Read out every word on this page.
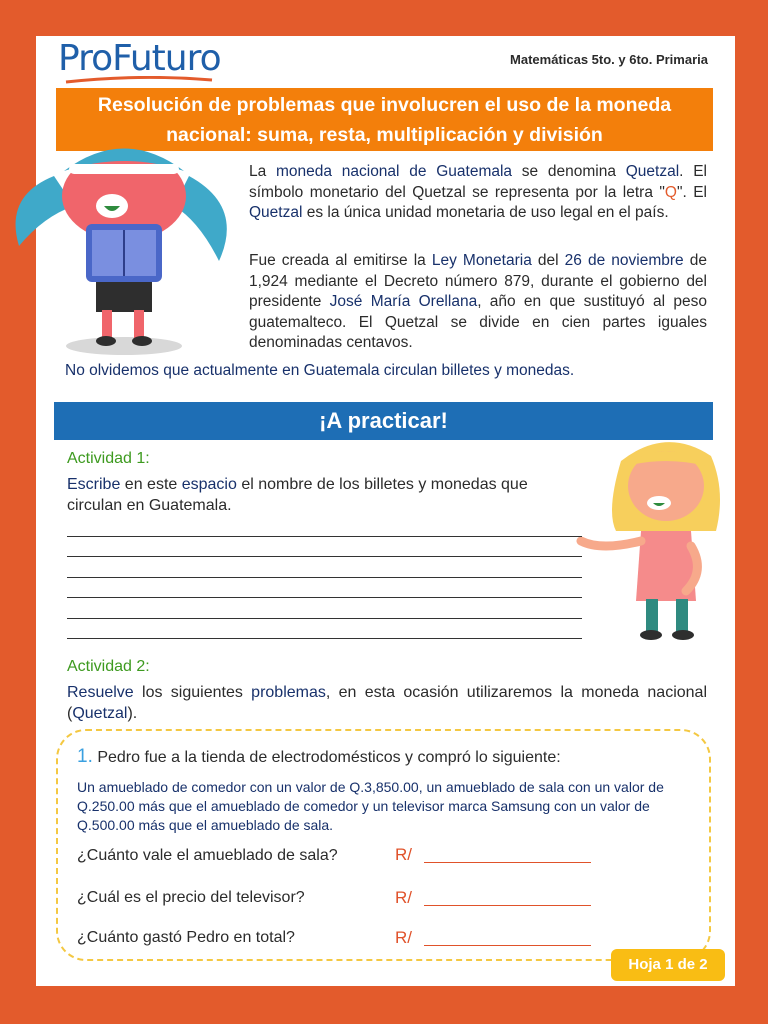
ProFuturo	Matemáticas 5to. y 6to. Primaria
Resolución de problemas que involucren el uso de la moneda nacional: suma, resta, multiplicación y división
La moneda nacional de Guatemala se denomina Quetzal. El símbolo monetario del Quetzal se representa por la letra "Q". El Quetzal es la única unidad monetaria de uso legal en el país.
Fue creada al emitirse la Ley Monetaria del 26 de noviembre de 1,924 mediante el Decreto número 879, durante el gobierno del presidente José María Orellana, año en que sustituyó al peso guatemalteco. El Quetzal se divide en cien partes iguales denominadas centavos.
No olvidemos que actualmente en Guatemala circulan billetes y monedas.
¡A practicar!
Actividad 1:
Escribe en este espacio el nombre de los billetes y monedas que circulan en Guatemala.
Actividad 2:
Resuelve los siguientes problemas, en esta ocasión utilizaremos la moneda nacional (Quetzal).
1. Pedro fue a la tienda de electrodomésticos y compró lo siguiente:
Un amueblado de comedor con un valor de Q.3,850.00, un amueblado de sala con un valor de Q.250.00 más que el amueblado de comedor y un televisor marca Samsung con un valor de Q.500.00 más que el amueblado de sala.
¿Cuánto vale el amueblado de sala?	R/
¿Cuál es el precio del televisor?	R/
¿Cuánto gastó Pedro en total?	R/
Hoja 1 de 2
